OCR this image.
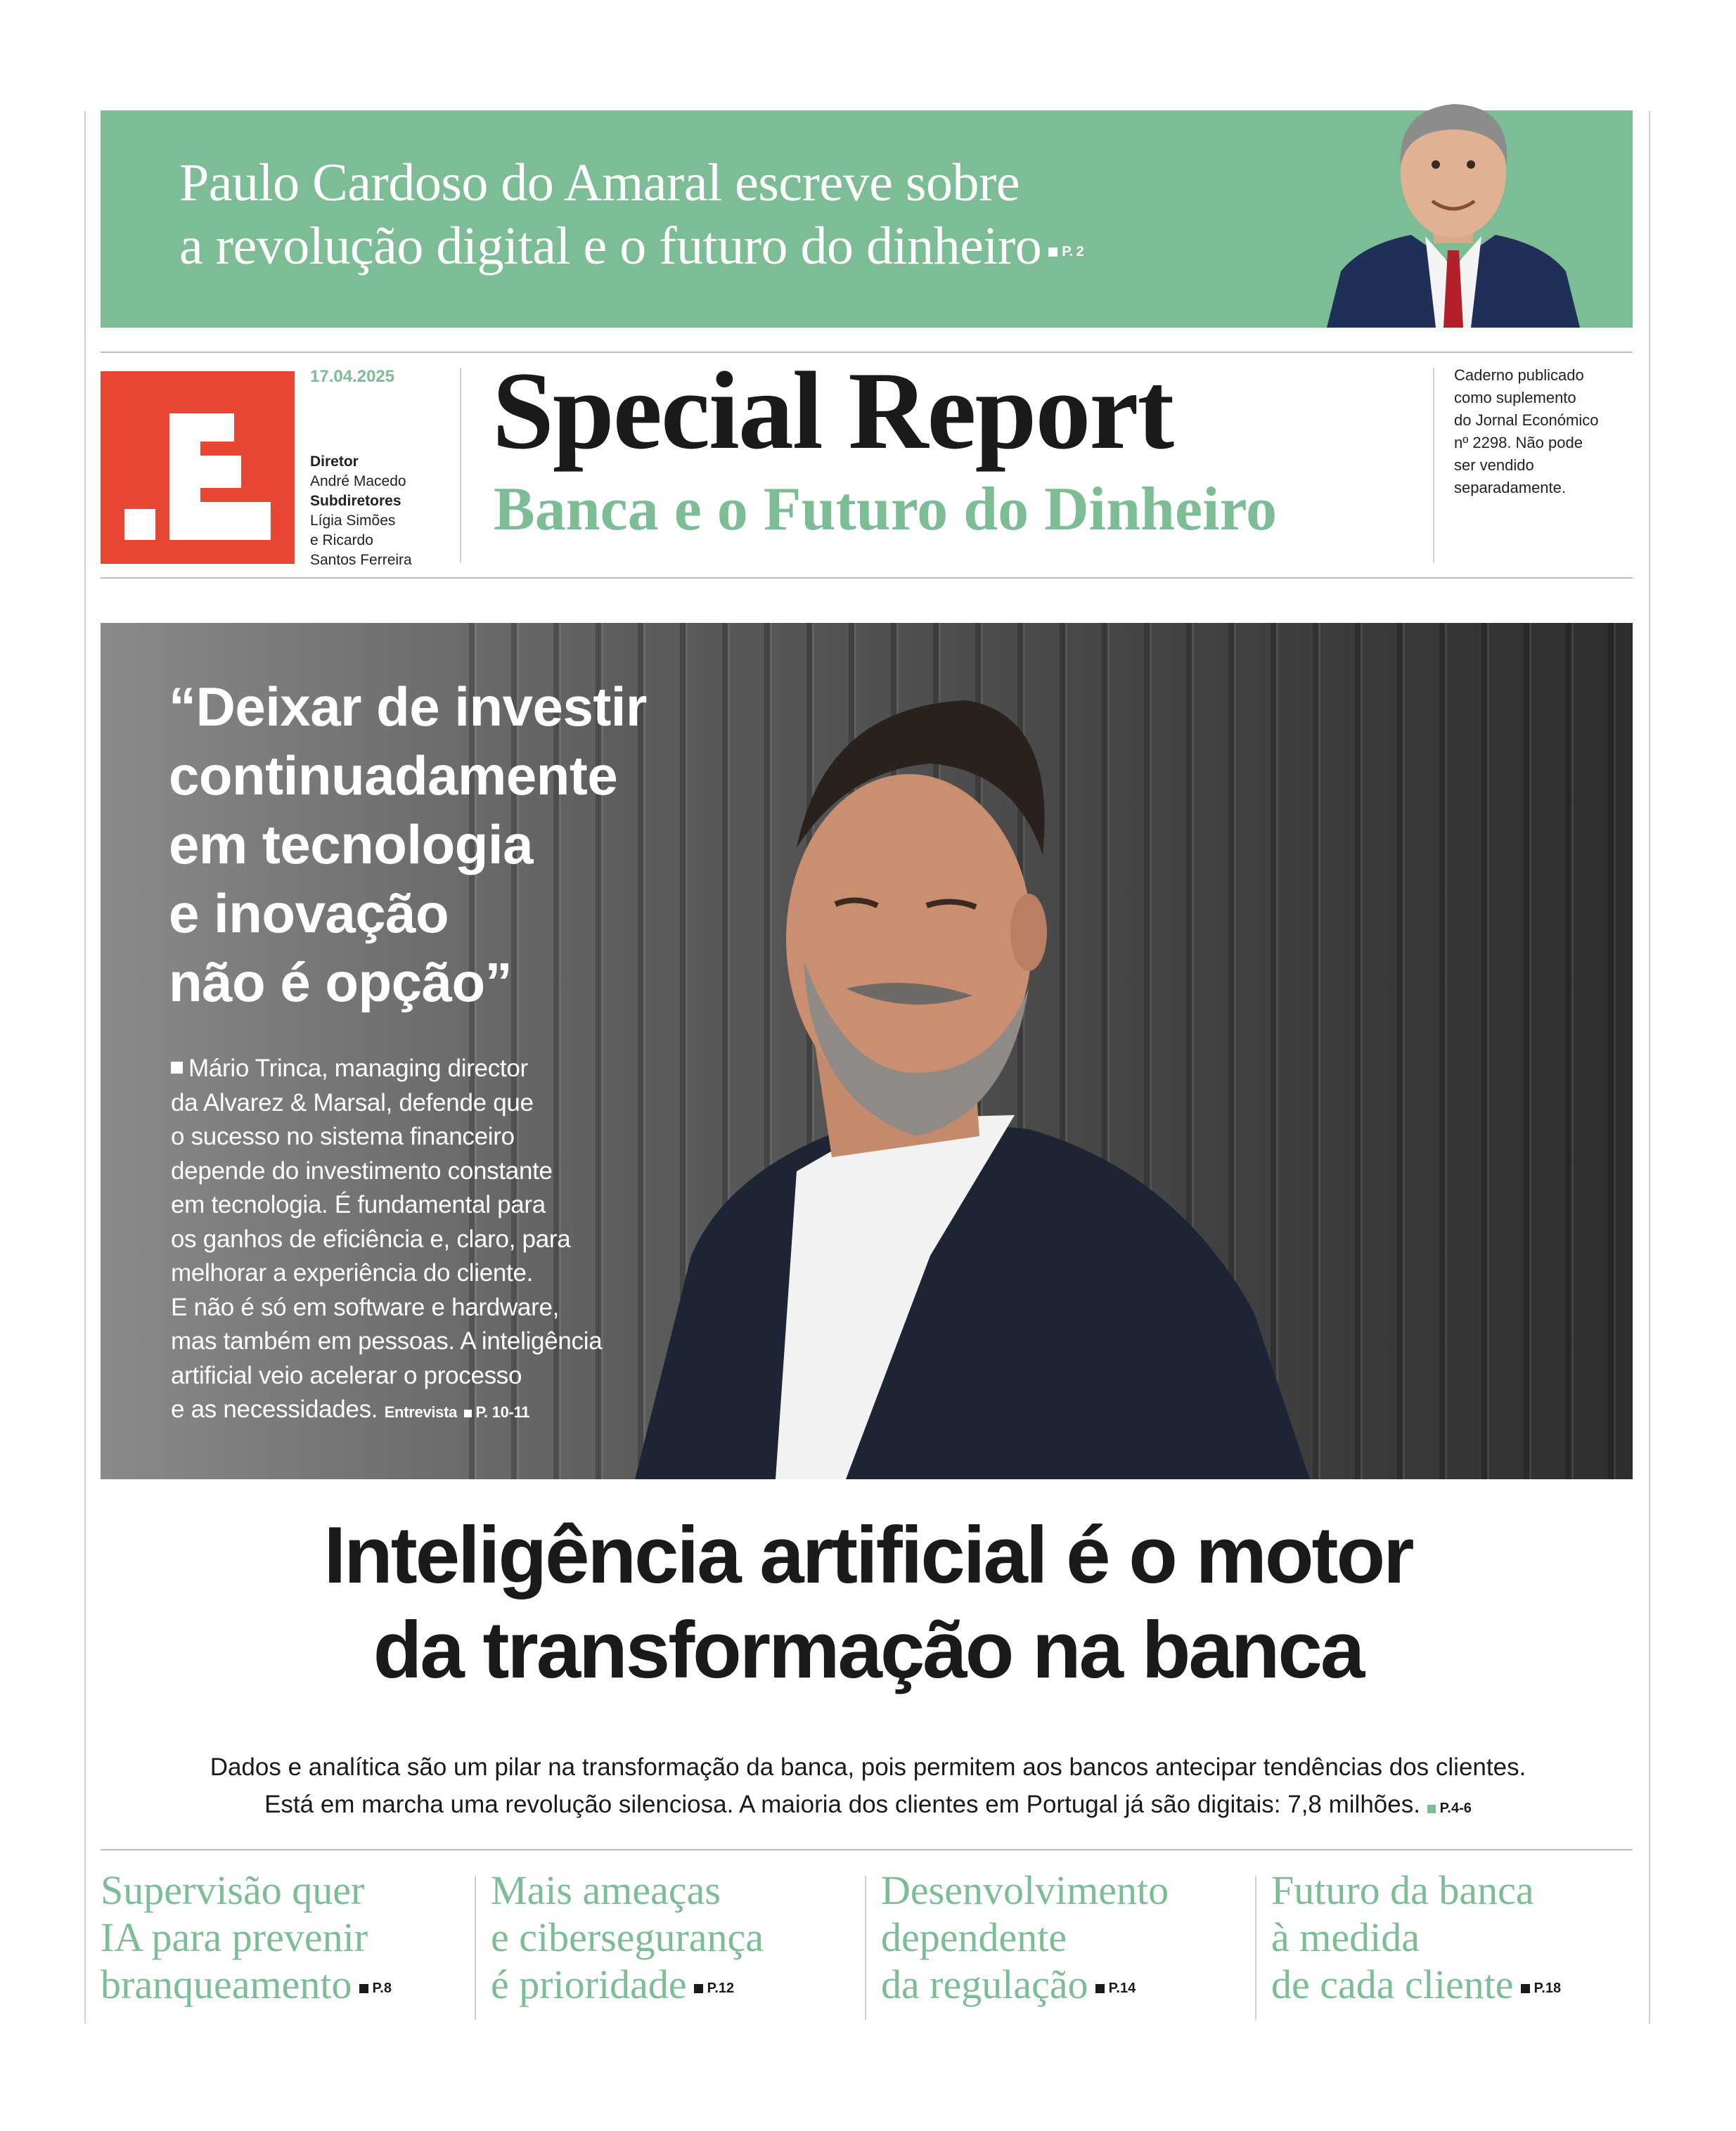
Paulo Cardoso do Amaral escreve sobre
a revolução digital e o futuro do dinheiro P. 2
17.04.2025
Diretor
André Macedo
Subdiretores
Lígia Simões
e Ricardo
Santos Ferreira
Special Report
Banca e o Futuro do Dinheiro
Caderno publicado
como suplemento
do Jornal Económico
nº 2298. Não pode
ser vendido
separadamente.
“Deixar de investir
continuadamente
em tecnologia
e inovação
não é opção”
Mário Trinca, managing director
da Alvarez & Marsal, defende que
o sucesso no sistema financeiro
depende do investimento constante
em tecnologia. É fundamental para
os ganhos de eficiência e, claro, para
melhorar a experiência do cliente.
E não é só em software e hardware,
mas também em pessoas. A inteligência
artificial veio acelerar o processo
e as necessidades. Entrevista P. 10-11
Inteligência artificial é o motor
da transformação na banca
Dados e analítica são um pilar na transformação da banca, pois permitem aos bancos antecipar tendências dos clientes.
Está em marcha uma revolução silenciosa. A maioria dos clientes em Portugal já são digitais: 7,8 milhões. P.4-6
Supervisão quer
IA para prevenir
branqueamento P.8
Mais ameaças
e cibersegurança
é prioridade P.12
Desenvolvimento
dependente
da regulação P.14
Futuro da banca
à medida
de cada cliente P.18
